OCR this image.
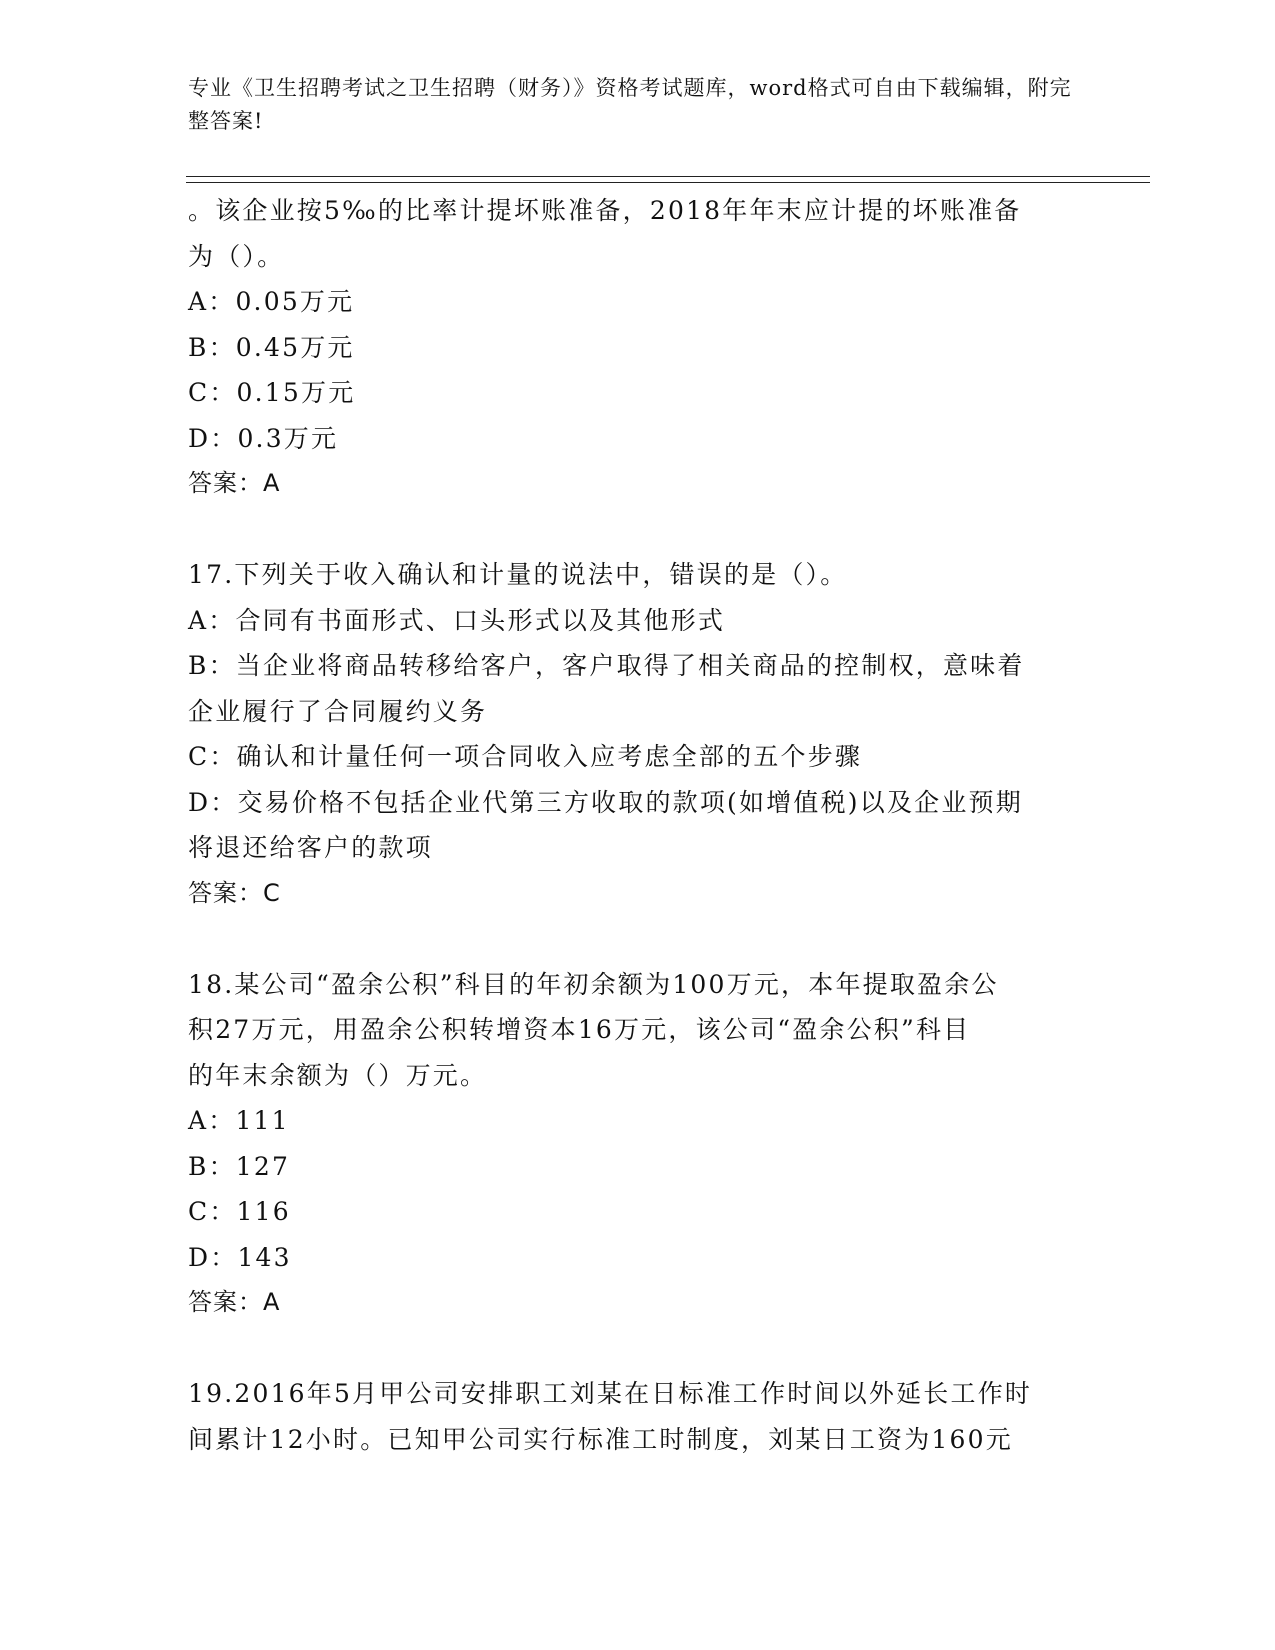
专业《卫生招聘考试之卫生招聘（财务）》资格考试题库，word格式可自由下载编辑，附完整答案!
。该企业按5‰的比率计提坏账准备，2018年年末应计提的坏账准备
为（）。
A：0.05万元
B：0.45万元
C：0.15万元
D：0.3万元
答案：A
17.下列关于收入确认和计量的说法中，错误的是（）。
A：合同有书面形式、口头形式以及其他形式
B：当企业将商品转移给客户，客户取得了相关商品的控制权，意味着
企业履行了合同履约义务
C：确认和计量任何一项合同收入应考虑全部的五个步骤
D：交易价格不包括企业代第三方收取的款项(如增值税)以及企业预期
将退还给客户的款项
答案：C
18.某公司“盈余公积”科目的年初余额为100万元，本年提取盈余公
积27万元，用盈余公积转增资本16万元，该公司“盈余公积”科目
的年末余额为（）万元。
A：111
B：127
C：116
D：143
答案：A
19.2016年5月甲公司安排职工刘某在日标准工作时间以外延长工作时
间累计12小时。已知甲公司实行标准工时制度，刘某日工资为160元
